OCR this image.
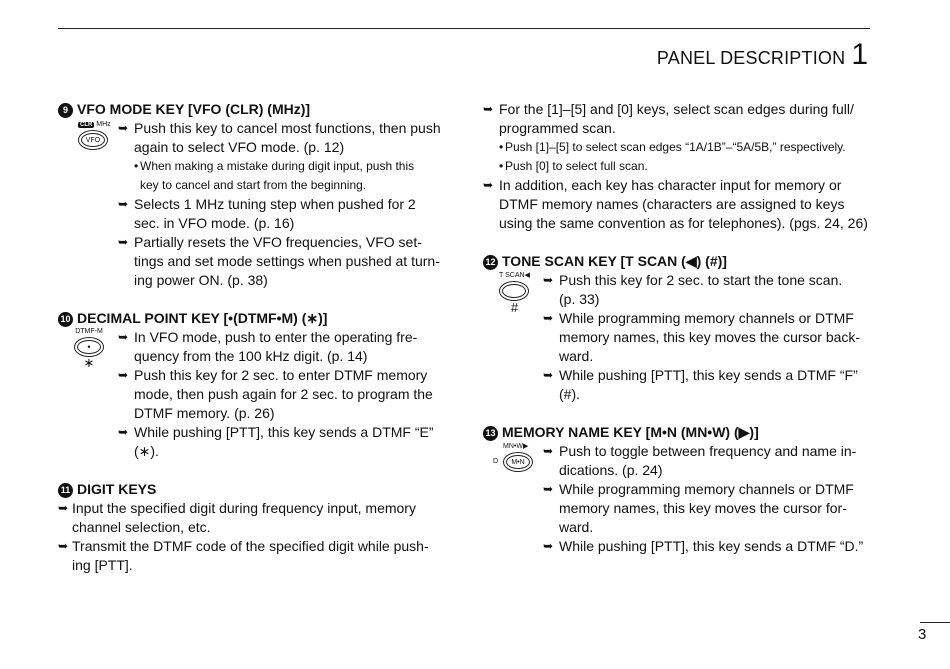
PANEL DESCRIPTION 1
9 VFO MODE KEY [VFO (CLR) (MHz)]
CLR MHz
VFO
➥ Push this key to cancel most functions, then push
again to select VFO mode. (p. 12)
• When making a mistake during digit input, push this
key to cancel and start from the beginning.
➥ Selects 1 MHz tuning step when pushed for 2
sec. in VFO mode. (p. 16)
➥ Partially resets the VFO frequencies, VFO set-
tings and set mode settings when pushed at turn-
ing power ON. (p. 38)
10 DECIMAL POINT KEY [•(DTMF•M) (∗)]
DTMF-M
•
∗
➥ In VFO mode, push to enter the operating fre-
quency from the 100 kHz digit. (p. 14)
➥ Push this key for 2 sec. to enter DTMF memory
mode, then push again for 2 sec. to program the
DTMF memory. (p. 26)
➥ While pushing [PTT], this key sends a DTMF “E”
(∗).
11 DIGIT KEYS
➥ Input the specified digit during frequency input, memory
channel selection, etc.
➥ Transmit the DTMF code of the specified digit while push-
ing [PTT].
➥ For the [1]–[5] and [0] keys, select scan edges during full/
programmed scan.
• Push [1]–[5] to select scan edges “1A/1B”–“5A/5B,” respectively.
• Push [0] to select full scan.
➥ In addition, each key has character input for memory or
DTMF memory names (characters are assigned to keys
using the same convention as for telephones). (pgs. 24, 26)
12 TONE SCAN KEY [T SCAN (◀) (#)]
T SCAN◀
#
➥ Push this key for 2 sec. to start the tone scan.
(p. 33)
➥ While programming memory channels or DTMF
memory names, this key moves the cursor back-
ward.
➥ While pushing [PTT], this key sends a DTMF “F”
(#).
13 MEMORY NAME KEY [M•N (MN•W) (▶)]
MN•W▶
D	M•N
➥ Push to toggle between frequency and name in-
dications. (p. 24)
➥ While programming memory channels or DTMF
memory names, this key moves the cursor for-
ward.
➥ While pushing [PTT], this key sends a DTMF “D.”
3
